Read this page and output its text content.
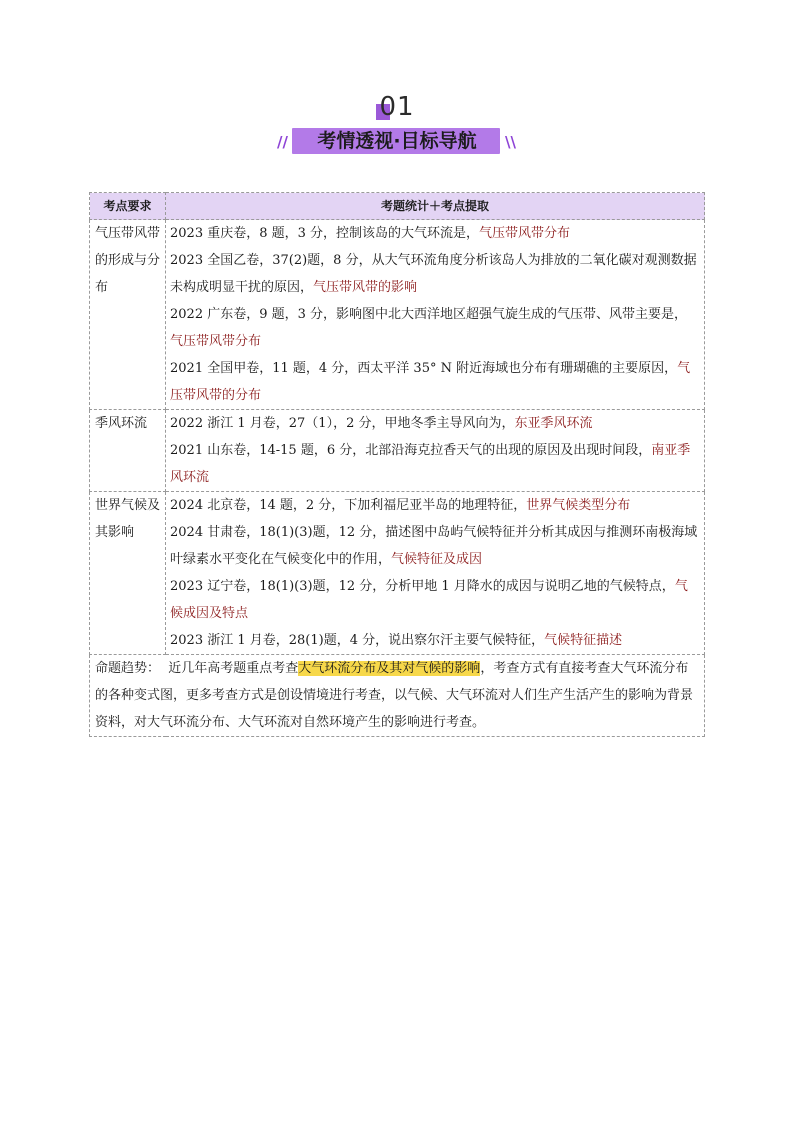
01
//	考情透视·目标导航	\\
考点要求	考题统计＋考点提取
气压带风带的形成与分布	2023 重庆卷，8 题，3 分，控制该岛的大气环流是，气压带风带分布

2023 全国乙卷，37(2)题，8 分，从大气环流角度分析该岛人为排放的二氧化碳对观测数据未构成明显干扰的原因，气压带风带的影响

2022 广东卷，9 题，3 分，影响图中北大西洋地区超强气旋生成的气压带、风带主要是，气压带风带分布

2021 全国甲卷，11 题，4 分，西太平洋 35° N 附近海域也分布有珊瑚礁的主要原因，气压带风带的分布

季风环流	2022 浙江 1 月卷，27（1），2 分，甲地冬季主导风向为，东亚季风环流

2021 山东卷，14-15 题，6 分，北部沿海克拉香天气的出现的原因及出现时间段，南亚季风环流

世界气候及其影响	2024 北京卷，14 题，2 分，下加利福尼亚半岛的地理特征，世界气候类型分布

2024 甘肃卷，18(1)(3)题，12 分，描述图中岛屿气候特征并分析其成因与推测环南极海域叶绿素水平变化在气候变化中的作用，气候特征及成因

2023 辽宁卷，18(1)(3)题，12 分，分析甲地 1 月降水的成因与说明乙地的气候特点，气候成因及特点

2023 浙江 1 月卷，28(1)题，4 分，说出察尔汗主要气候特征，气候特征描述

命题趋势： 近几年高考题重点考查大气环流分布及其对气候的影响，考查方式有直接考查大气环流分布的各种变式图，更多考查方式是创设情境进行考查，以气候、大气环流对人们生产生活产生的影响为背景资料，对大气环流分布、大气环流对自然环境产生的影响进行考查。	
